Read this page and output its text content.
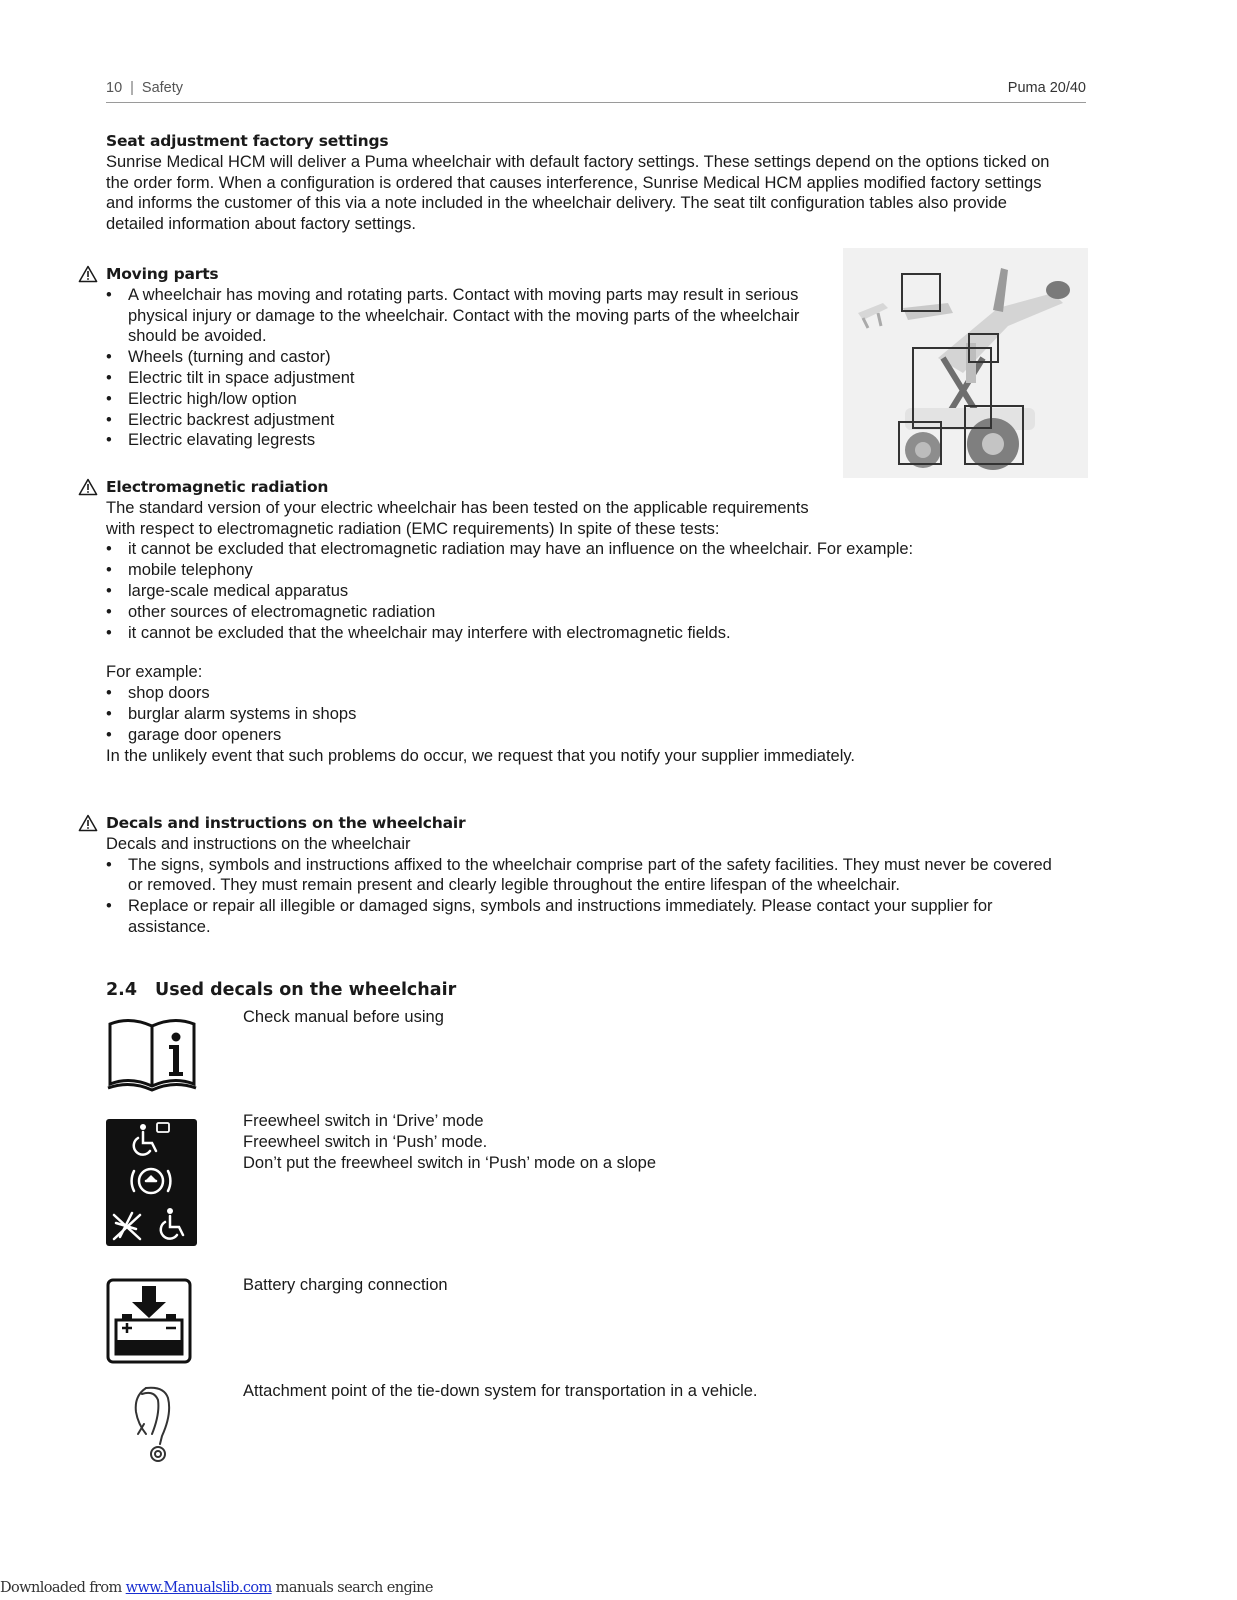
10 | Safety	Puma 20/40
Seat adjustment factory settings

Sunrise Medical HCM will deliver a Puma wheelchair with default factory settings. These settings depend on the options ticked on

the order form. When a configuration is ordered that causes interference, Sunrise Medical HCM applies modified factory settings

and informs the customer of this via a note included in the wheelchair delivery. The seat tilt configuration tables also provide

detailed information about factory settings.

Moving parts
• A wheelchair has moving and rotating parts. Contact with moving parts may result in serious
physical injury or damage to the wheelchair. Contact with the moving parts of the wheelchair
should be avoided.
• Wheels (turning and castor)
• Electric tilt in space adjustment
• Electric high/low option
• Electric backrest adjustment
• Electric elavating legrests
Electromagnetic radiation

The standard version of your electric wheelchair has been tested on the applicable requirements

with respect to electromagnetic radiation (EMC requirements) In spite of these tests:

• it cannot be excluded that electromagnetic radiation may have an influence on the wheelchair. For example:
• mobile telephony
• large-scale medical apparatus
• other sources of electromagnetic radiation
• it cannot be excluded that the wheelchair may interfere with electromagnetic fields.

For example:

• shop doors
• burglar alarm systems in shops
• garage door openers

In the unlikely event that such problems do occur, we request that you notify your supplier immediately.

Decals and instructions on the wheelchair

Decals and instructions on the wheelchair

• The signs, symbols and instructions affixed to the wheelchair comprise part of the safety facilities. They must never be covered
or removed. They must remain present and clearly legible throughout the entire lifespan of the wheelchair.
• Replace or repair all illegible or damaged signs, symbols and instructions immediately. Please contact your supplier for
assistance.
2.4 Used decals on the wheelchair

Check manual before using

Freewheel switch in ‘Drive’ mode

Freewheel switch in ‘Push’ mode.

Don’t put the freewheel switch in ‘Push’ mode on a slope

Battery charging connection

Attachment point of the tie-down system for transportation in a vehicle.

Downloaded from www.Manualslib.com manuals search engine
